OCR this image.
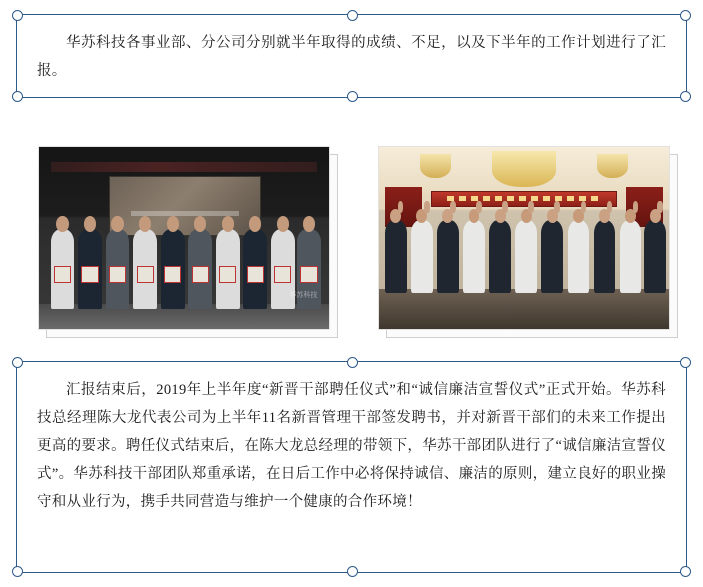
华苏科技各事业部、分公司分别就半年取得的成绩、不足，以及下半年的工作计划进行了汇报。

华苏科技

汇报结束后，2019年上半年度“新晋干部聘任仪式”和“诚信廉洁宣誓仪式”正式开始。华苏科技总经理陈大龙代表公司为上半年11名新晋管理干部签发聘书，并对新晋干部们的未来工作提出更高的要求。聘任仪式结束后，在陈大龙总经理的带领下，华苏干部团队进行了“诚信廉洁宣誓仪式”。华苏科技干部团队郑重承诺，在日后工作中必将保持诚信、廉洁的原则，建立良好的职业操守和从业行为，携手共同营造与维护一个健康的合作环境！
